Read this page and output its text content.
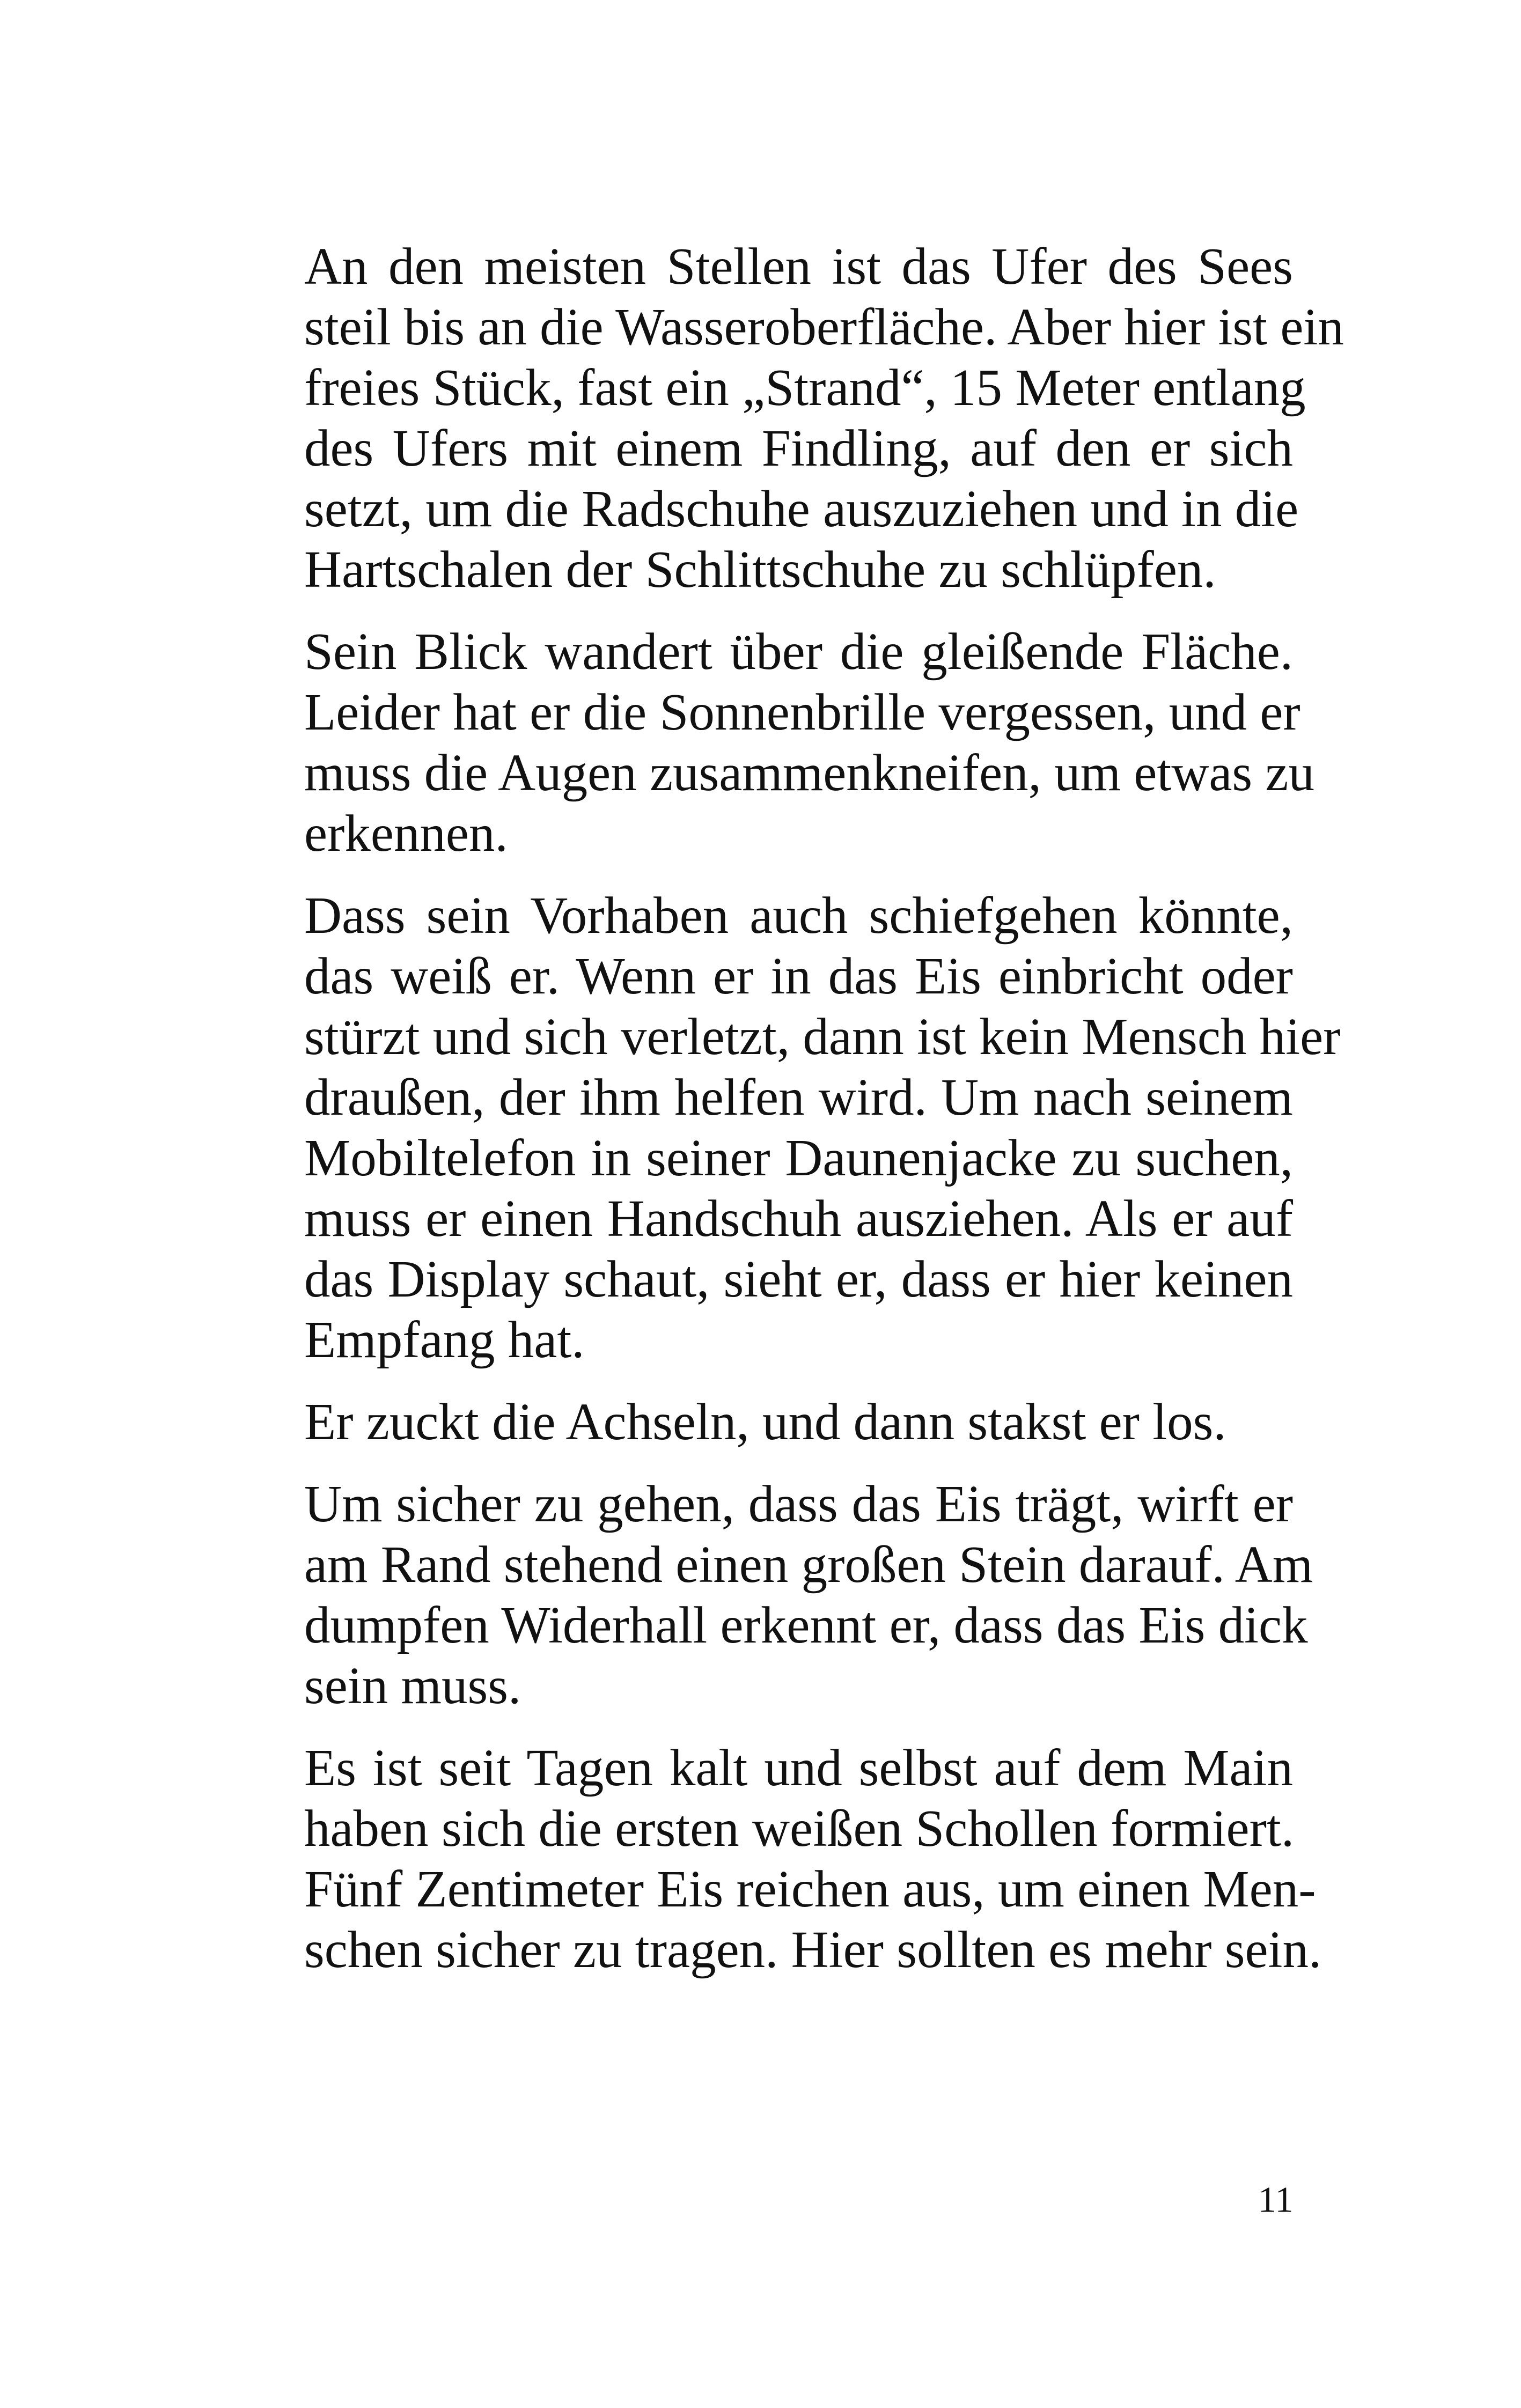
An den meisten Stellen ist das Ufer des Sees
steil bis an die Wasseroberfläche. Aber hier ist ein
freies Stück, fast ein „Strand“, 15 Meter entlang
des Ufers mit einem Findling, auf den er sich
setzt, um die Radschuhe auszuziehen und in die
Hartschalen der Schlittschuhe zu schlüpfen.

Sein Blick wandert über die gleißende Fläche.
Leider hat er die Sonnenbrille vergessen, und er
muss die Augen zusammenkneifen, um etwas zu
erkennen.

Dass sein Vorhaben auch schiefgehen könnte,
das weiß er. Wenn er in das Eis einbricht oder
stürzt und sich verletzt, dann ist kein Mensch hier
draußen, der ihm helfen wird. Um nach seinem
Mobiltelefon in seiner Daunenjacke zu suchen,
muss er einen Handschuh ausziehen. Als er auf
das Display schaut, sieht er, dass er hier keinen
Empfang hat.

Er zuckt die Achseln, und dann stakst er los.

Um sicher zu gehen, dass das Eis trägt, wirft er
am Rand stehend einen großen Stein darauf. Am
dumpfen Widerhall erkennt er, dass das Eis dick
sein muss.

Es ist seit Tagen kalt und selbst auf dem Main
haben sich die ersten weißen Schollen formiert.
Fünf Zentimeter Eis reichen aus, um einen Men-
schen sicher zu tragen. Hier sollten es mehr sein.

11
